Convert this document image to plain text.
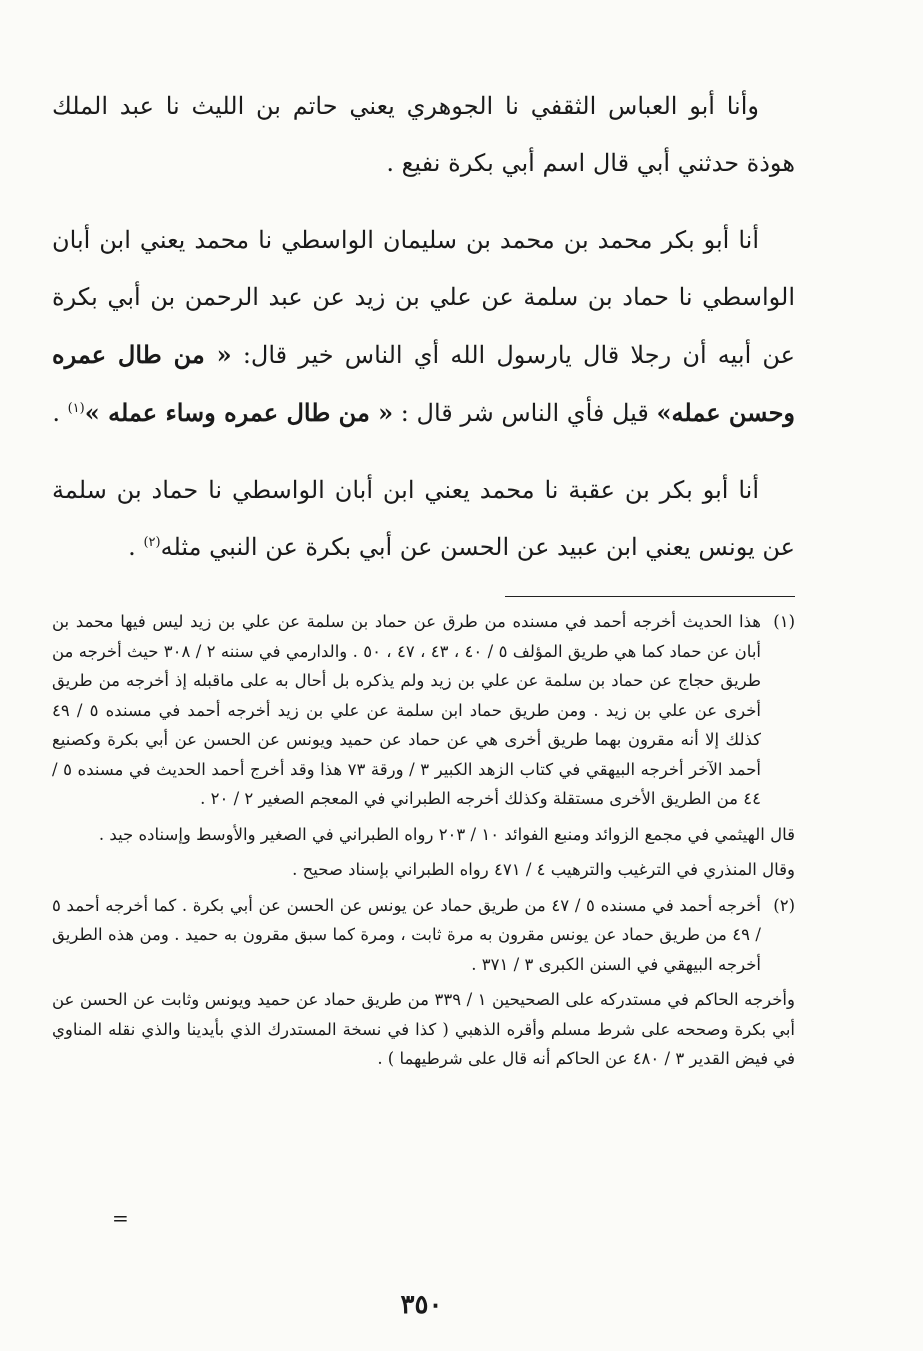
وأنا أبو العباس الثقفي نا الجوهري يعني حاتم بن الليث نا عبد الملك هوذة حدثني أبي قال اسم أبي بكرة نفيع .

أنا أبو بكر محمد بن محمد بن سليمان الواسطي نا محمد يعني ابن أبان الواسطي نا حماد بن سلمة عن علي بن زيد عن عبد الرحمن بن أبي بكرة عن أبيه أن رجلا قال يارسول الله أي الناس خير قال: « من طال عمره وحسن عمله» قيل فأي الناس شر قال : « من طال عمره وساء عمله »$^{(١)}$ .

أنا أبو بكر بن عقبة نا محمد يعني ابن أبان الواسطي نا حماد بن سلمة عن يونس يعني ابن عبيد عن الحسن عن أبي بكرة عن النبي مثله$^{(٢)}$ .

(١)

هذا الحديث أخرجه أحمد في مسنده من طرق عن حماد بن سلمة عن علي بن زيد ليس فيها محمد بن أبان عن حماد كما هي طريق المؤلف ٥ / ٤٠ ، ٤٣ ، ٤٧ ، ٥٠ . والدارمي في سننه ٢ / ٣٠٨ حيث أخرجه من طريق حجاج عن حماد بن سلمة عن علي بن زيد ولم يذكره بل أحال به على ماقبله إذ أخرجه من طريق أخرى عن علي بن زيد . ومن طريق حماد ابن سلمة عن علي بن زيد أخرجه أحمد في مسنده ٥ / ٤٩ كذلك إلا أنه مقرون بهما طريق أخرى هي عن حماد عن حميد ويونس عن الحسن عن أبي بكرة وكصنيع أحمد الآخر أخرجه البيهقي في كتاب الزهد الكبير ٣ / ورقة ٧٣ هذا وقد أخرج أحمد الحديث في مسنده ٥ / ٤٤ من الطريق الأخرى مستقلة وكذلك أخرجه الطبراني في المعجم الصغير ٢ / ٢٠ .

قال الهيثمي في مجمع الزوائد ومنبع الفوائد ١٠ / ٢٠٣ رواه الطبراني في الصغير والأوسط وإسناده جيد .

وقال المنذري في الترغيب والترهيب ٤ / ٤٧١ رواه الطبراني بإسناد صحيح .

(٢)

أخرجه أحمد في مسنده ٥ / ٤٧ من طريق حماد عن يونس عن الحسن عن أبي بكرة . كما أخرجه أحمد ٥ / ٤٩ من طريق حماد عن يونس مقرون به مرة ثابت ، ومرة كما سبق مقرون به حميد . ومن هذه الطريق أخرجه البيهقي في السنن الكبرى ٣ / ٣٧١ .

وأخرجه الحاكم في مستدركه على الصحيحين ١ / ٣٣٩ من طريق حماد عن حميد ويونس وثابت عن الحسن عن أبي بكرة وصححه على شرط مسلم وأقره الذهبي ( كذا في نسخة المستدرك الذي بأيدينا والذي نقله المناوي في فيض القدير ٣ / ٤٨٠ عن الحاكم أنه قال على شرطيهما ) .

=
٣٥٠
